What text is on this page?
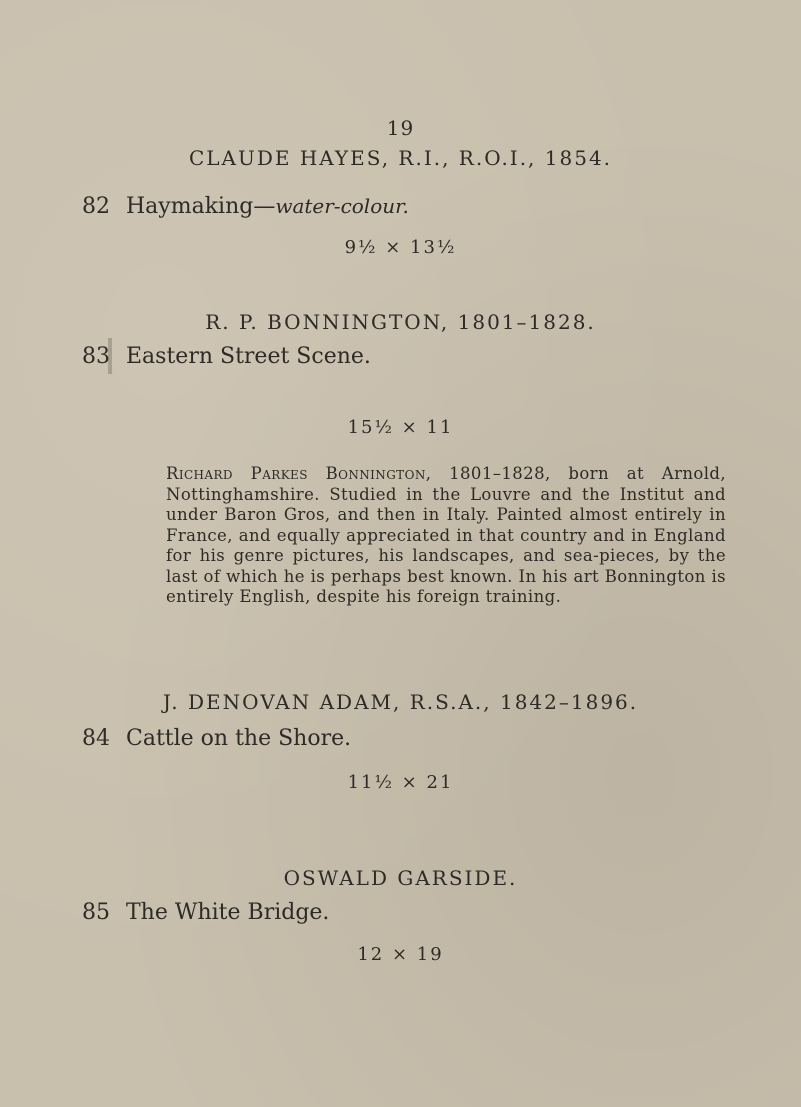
19
CLAUDE HAYES, R.I., R.O.I., 1854.
82 Haymaking—water-colour.
9½ × 13½
R. P. BONNINGTON, 1801–1828.
83 Eastern Street Scene.
15½ × 11
Richard Parkes Bonnington, 1801–1828, born at Arnold, Nottinghamshire. Studied in the Louvre and the Institut and under Baron Gros, and then in Italy. Painted almost entirely in France, and equally appreciated in that country and in England for his genre pictures, his landscapes, and sea-pieces, by the last of which he is perhaps best known. In his art Bonnington is entirely English, despite his foreign training.
J. DENOVAN ADAM, R.S.A., 1842–1896.
84 Cattle on the Shore.
11½ × 21
OSWALD GARSIDE.
85 The White Bridge.
12 × 19
